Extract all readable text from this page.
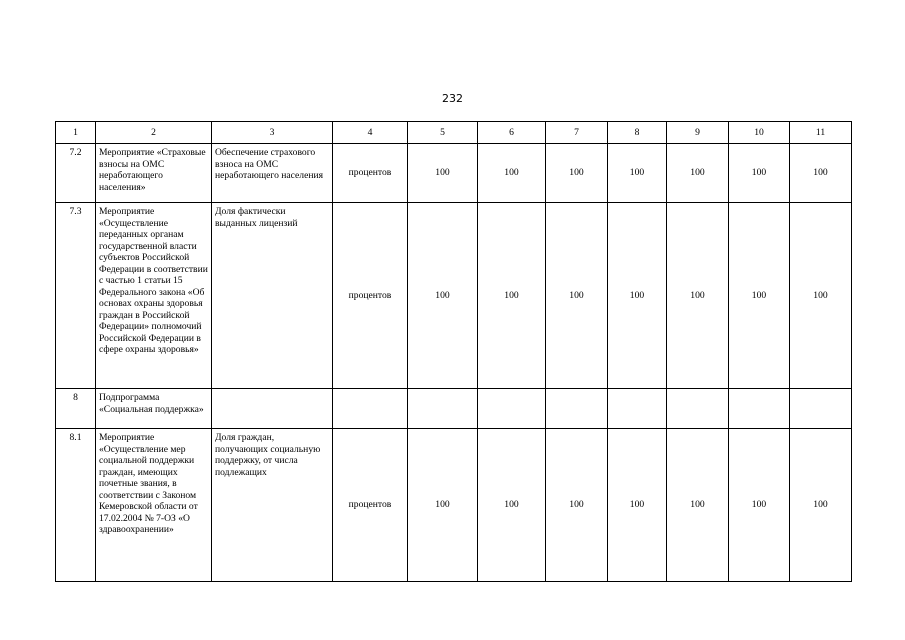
232
1	2	3	4	5	6	7	8	9	10	11
7.2	Мероприятие «Страховые взносы на ОМС неработающего населения»	Обеспечение страхового взноса на ОМС неработающего населения	процентов	100	100	100	100	100	100	100
7.3	Мероприятие «Осуществление переданных органам государственной власти субъектов Российской Федерации в соответствии с частью 1 статьи 15 Федерального закона «Об основах охраны здоровья граждан в Российской Федерации» полномочий Российской Федерации в сфере охраны здоровья»	Доля фактически выданных лицензий	процентов	100	100	100	100	100	100	100
8	Подпрограмма «Социальная поддержка»									
8.1	Мероприятие «Осуществление мер социальной поддержки граждан, имеющих почетные звания, в соответствии с Законом Кемеровской области от 17.02.2004 № 7-ОЗ «О здравоохранении»	Доля граждан, получающих социальную поддержку, от числа подлежащих	процентов	100	100	100	100	100	100	100
